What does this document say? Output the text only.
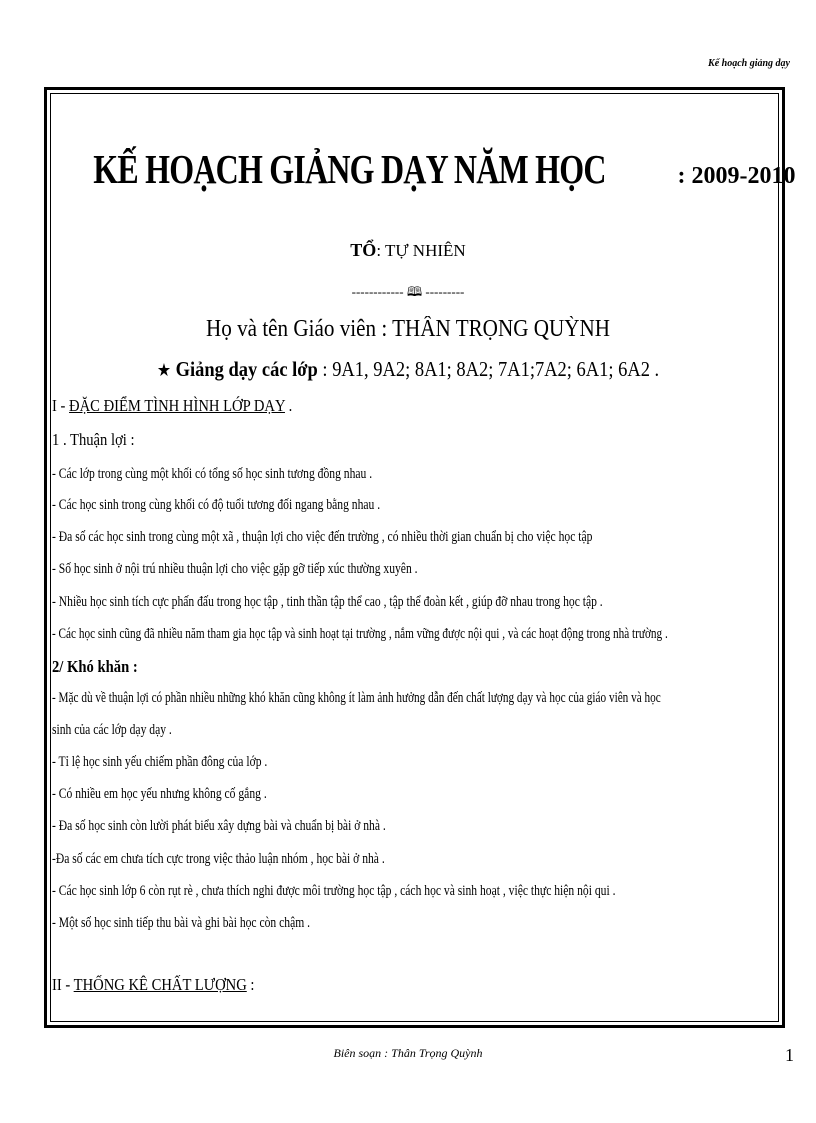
Kế hoạch giảng dạy
KẾ HOẠCH GIẢNG DẠY NĂM HỌC	: 2009-2010
TỔ: TỰ NHIÊN
------------ 🕮 ---------
Họ và tên Giáo viên : THÂN TRỌNG QUỲNH
★ Giảng dạy các lớp : 9A1, 9A2; 8A1; 8A2; 7A1;7A2; 6A1; 6A2 .
I - ĐẶC ĐIỂM TÌNH HÌNH LỚP DẠY .
1 . Thuận lợi :
- Các lớp trong cùng một khối có tổng số học sinh tương đồng nhau .
- Các học sinh trong cùng khối có độ tuổi tương đối ngang bằng nhau .
- Đa số các học sinh trong cùng một xã , thuận lợi cho việc đến trường , có nhiều thời gian chuẩn bị cho việc học tập
- Số học sinh ở nội trú nhiều thuận lợi cho việc gặp gỡ tiếp xúc thường xuyên .
- Nhiều học sinh tích cực phấn đấu trong học tập , tinh thần tập thể cao , tập thể đoàn kết , giúp đỡ nhau trong học tập .
- Các học sinh cũng đã nhiều năm tham gia học tập và sinh hoạt tại trường , nắm vững được nội qui , và các hoạt động trong nhà trường .
2/ Khó khăn :
- Mặc dù về thuận lợi có phần nhiều những khó khăn cũng không ít làm ảnh hưởng dẫn đến chất lượng dạy và học của giáo viên và học
sinh của các lớp dạy dạy .
- Tỉ lệ học sinh yếu chiếm phần đông của lớp .
- Có nhiều em học yếu nhưng không cố gắng .
- Đa số học sinh còn lười phát biểu xây dựng bài và chuẩn bị bài ở nhà .
-Đa số các em chưa tích cực trong việc thảo luận nhóm , học bài ở nhà .
- Các học sinh lớp 6 còn rụt rè , chưa thích nghi được môi trường học tập , cách học và sinh hoạt , việc thực hiện nội qui .
- Một số học sinh tiếp thu bài và ghi bài học còn chậm .
II - THỐNG KÊ CHẤT LƯỢNG :
Biên soạn : Thân Trọng Quỳnh	1
